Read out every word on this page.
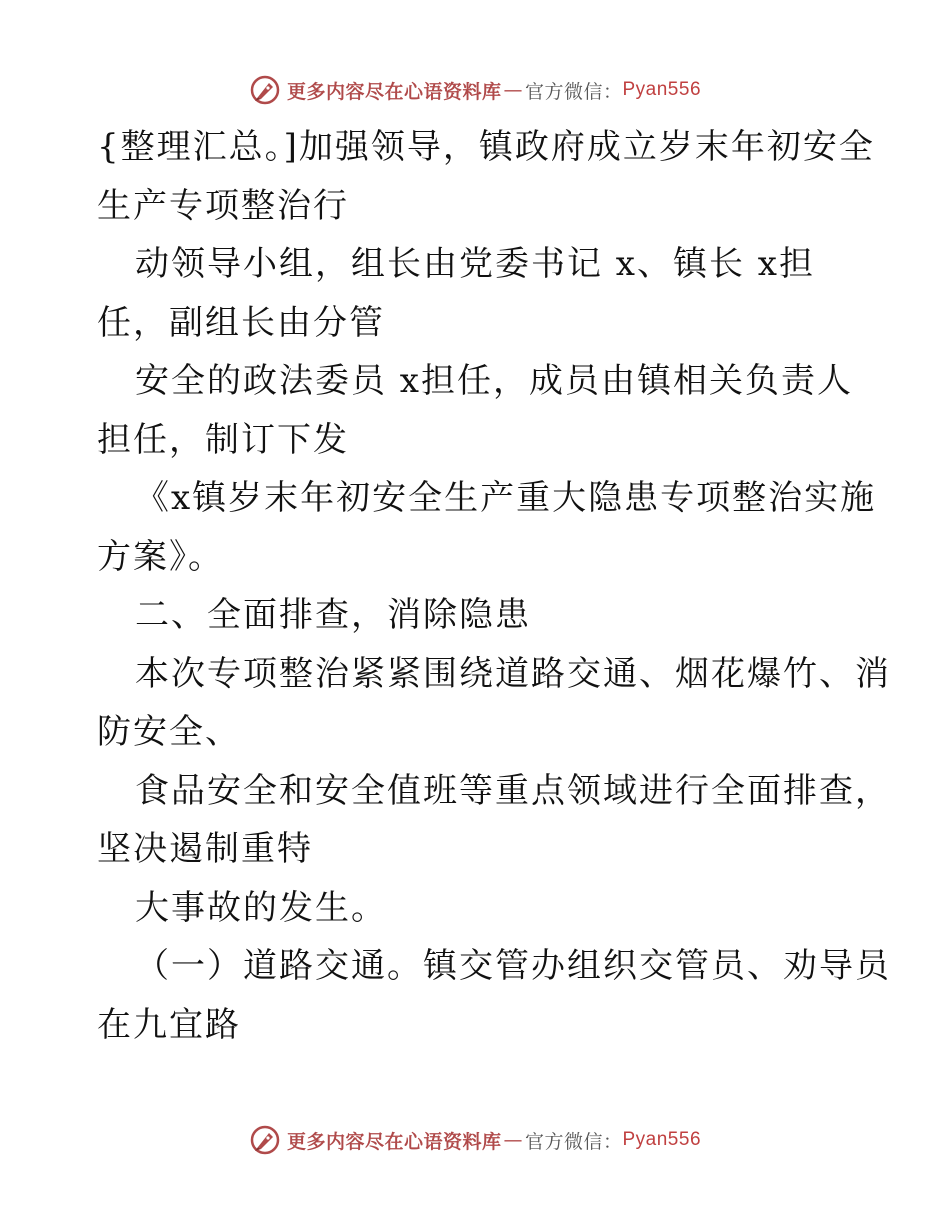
更多内容尽在心语资料库 — 官方微信： Pyan556
{整理汇总。]加强领导，镇政府成立岁末年初安全
生产专项整治行
动领导小组，组长由党委书记 x、镇长 x担
任，副组长由分管
安全的政法委员 x担任，成员由镇相关负责人
担任，制订下发
《x镇岁末年初安全生产重大隐患专项整治实施
方案》。
二、全面排查，消除隐患
本次专项整治紧紧围绕道路交通、烟花爆竹、消
防安全、
食品安全和安全值班等重点领域进行全面排查，
坚决遏制重特
大事故的发生。
（一）道路交通。镇交管办组织交管员、劝导员
在九宜路
更多内容尽在心语资料库 — 官方微信： Pyan556
